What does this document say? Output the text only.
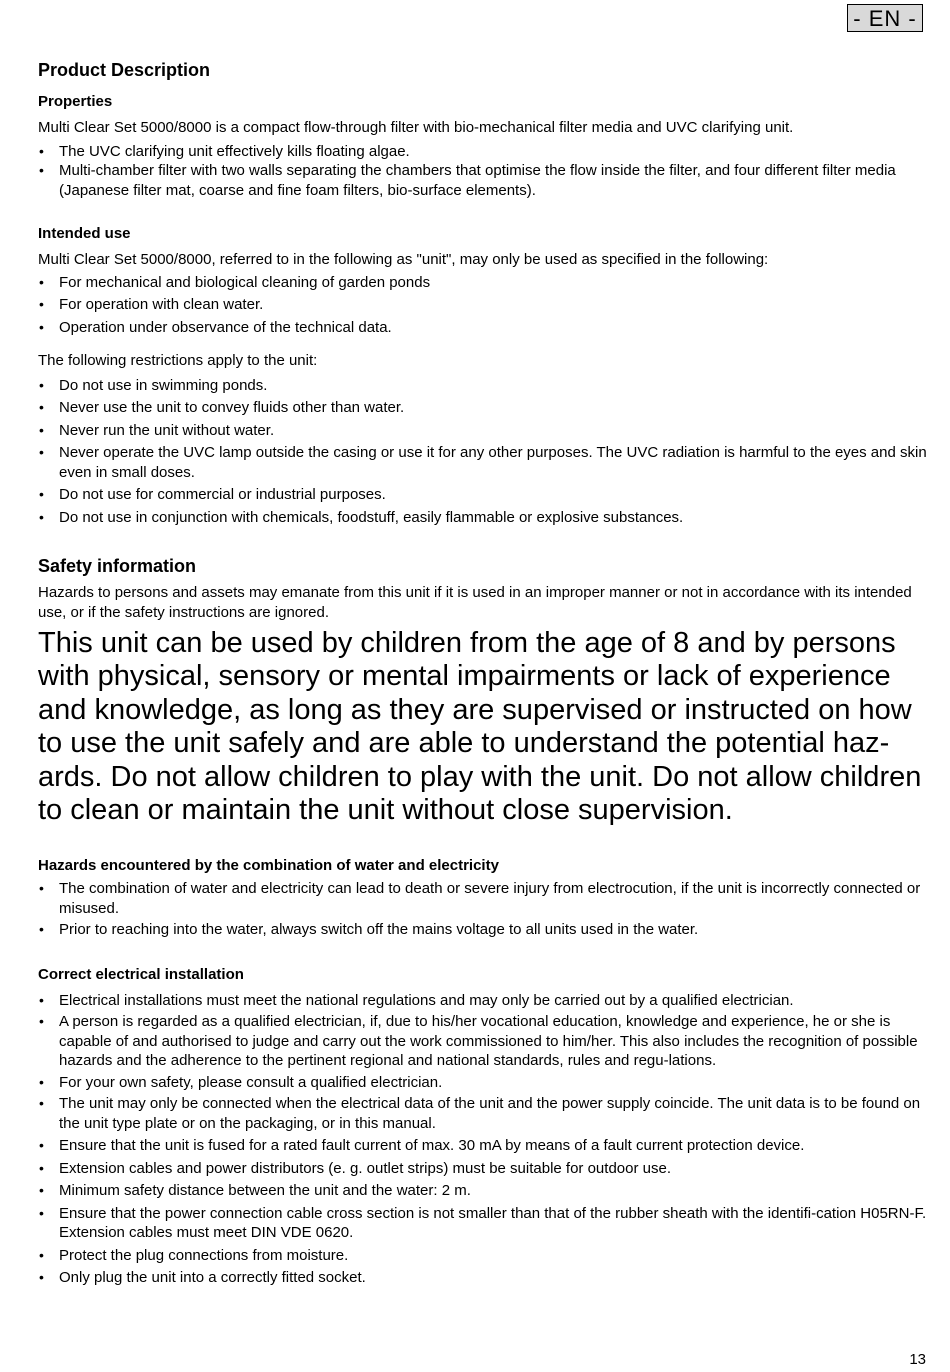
- EN -
Product Description
Properties

Multi Clear Set 5000/8000 is a compact flow-through filter with bio-mechanical filter media and UVC clarifying unit.

• The UVC clarifying unit effectively kills floating algae.
• Multi-chamber filter with two walls separating the chambers that optimise the flow inside the filter, and four different filter media (Japanese filter mat, coarse and fine foam filters, bio-surface elements).
Intended use

Multi Clear Set 5000/8000, referred to in the following as "unit", may only be used as specified in the following:

• For mechanical and biological cleaning of garden ponds
• For operation with clean water.
• Operation under observance of the technical data.

The following restrictions apply to the unit:

• Do not use in swimming ponds.
• Never use the unit to convey fluids other than water.
• Never run the unit without water.
• Never operate the UVC lamp outside the casing or use it for any other purposes. The UVC radiation is harmful to the eyes and skin even in small doses.
• Do not use for commercial or industrial purposes.
• Do not use in conjunction with chemicals, foodstuff, easily flammable or explosive substances.
Safety information

Hazards to persons and assets may emanate from this unit if it is used in an improper manner or not in accordance with its intended use, or if the safety instructions are ignored.

This unit can be used by children from the age of 8 and by persons with physical, sensory or mental impairments or lack of experience and knowledge, as long as they are supervised or instructed on how to use the unit safely and are able to understand the potential haz-ards. Do not allow children to play with the unit. Do not allow children to clean or maintain the unit without close supervision.

Hazards encountered by the combination of water and electricity
• The combination of water and electricity can lead to death or severe injury from electrocution, if the unit is incorrectly connected or misused.
• Prior to reaching into the water, always switch off the mains voltage to all units used in the water.
Correct electrical installation
• Electrical installations must meet the national regulations and may only be carried out by a qualified electrician.
• A person is regarded as a qualified electrician, if, due to his/her vocational education, knowledge and experience, he or she is capable of and authorised to judge and carry out the work commissioned to him/her. This also includes the recognition of possible hazards and the adherence to the pertinent regional and national standards, rules and regu-lations.
• For your own safety, please consult a qualified electrician.
• The unit may only be connected when the electrical data of the unit and the power supply coincide. The unit data is to be found on the unit type plate or on the packaging, or in this manual.
• Ensure that the unit is fused for a rated fault current of max. 30 mA by means of a fault current protection device.
• Extension cables and power distributors (e. g. outlet strips) must be suitable for outdoor use.
• Minimum safety distance between the unit and the water: 2 m.
• Ensure that the power connection cable cross section is not smaller than that of the rubber sheath with the identifi-cation H05RN-F. Extension cables must meet DIN VDE 0620.
• Protect the plug connections from moisture.
• Only plug the unit into a correctly fitted socket.
13
